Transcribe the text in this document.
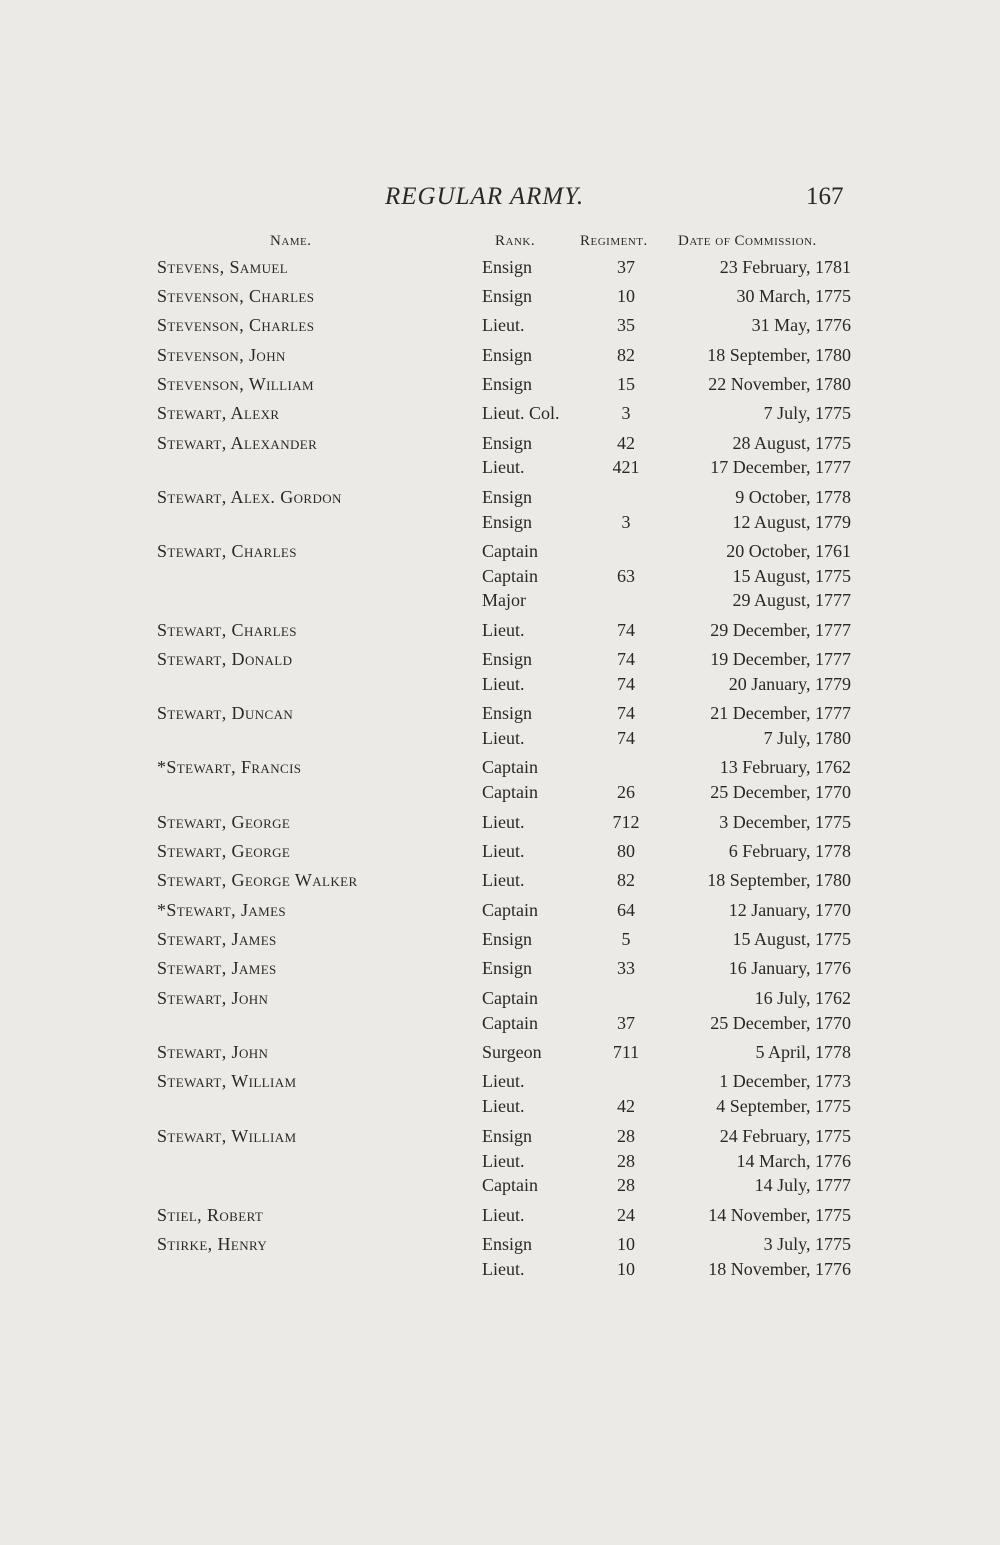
REGULAR ARMY.	167
Name.	Rank.	Regiment. Date of Commission.
Stevens, Samuel	Ensign	37	23 February, 1781
Stevenson, Charles	Ensign	10	30 March, 1775
Stevenson, Charles	Lieut.	35	31 May, 1776
Stevenson, John	Ensign	82	18 September, 1780
Stevenson, William	Ensign	15	22 November, 1780
Stewart, Alexr	Lieut. Col.	3	7 July, 1775
Stewart, Alexander	Ensign	42	28 August, 1775
Lieut.	421	17 December, 1777
Stewart, Alex. Gordon	Ensign	9 October, 1778
Ensign	3	12 August, 1779
Stewart, Charles	Captain	20 October, 1761
Captain	63	15 August, 1775
Major	29 August, 1777
Stewart, Charles	Lieut.	74	29 December, 1777
Stewart, Donald	Ensign	74	19 December, 1777
Lieut.	74	20 January, 1779
Stewart, Duncan	Ensign	74	21 December, 1777
Lieut.	74	7 July, 1780
*Stewart, Francis	Captain	13 February, 1762
Captain	26	25 December, 1770
Stewart, George	Lieut.	712	3 December, 1775
Stewart, George	Lieut.	80	6 February, 1778
Stewart, George Walker	Lieut.	82	18 September, 1780
*Stewart, James	Captain	64	12 January, 1770
Stewart, James	Ensign	5	15 August, 1775
Stewart, James	Ensign	33	16 January, 1776
Stewart, John	Captain	16 July, 1762
Captain	37	25 December, 1770
Stewart, John	Surgeon	711	5 April, 1778
Stewart, William	Lieut.	1 December, 1773
Lieut.	42	4 September, 1775
Stewart, William	Ensign	28	24 February, 1775
Lieut.	28	14 March, 1776
Captain	28	14 July, 1777
Stiel, Robert	Lieut.	24	14 November, 1775
Stirke, Henry	Ensign	10	3 July, 1775
Lieut.	10	18 November, 1776
